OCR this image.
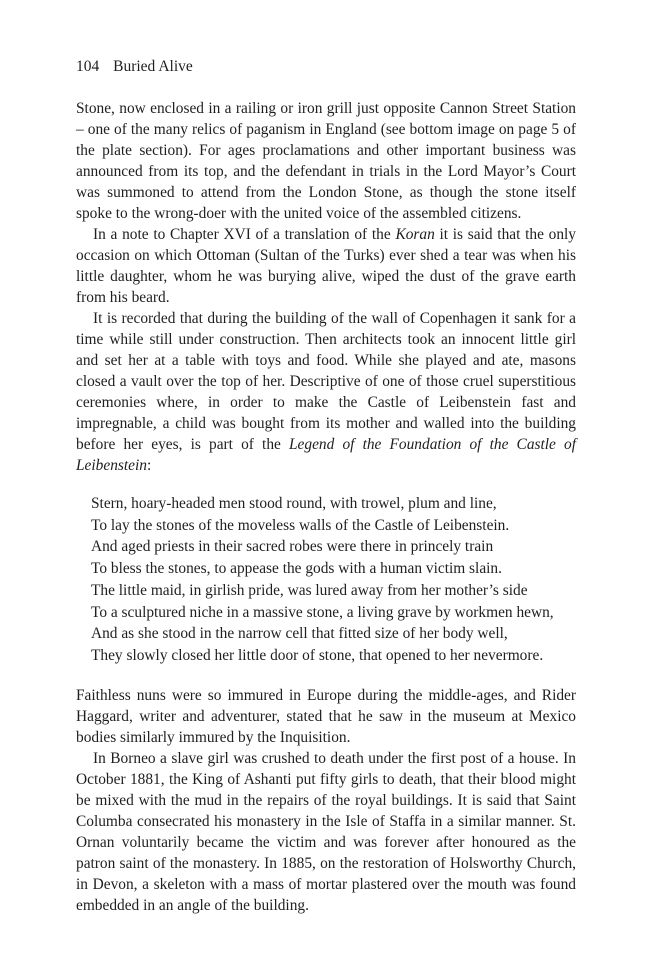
104 Buried Alive

Stone, now enclosed in a railing or iron grill just opposite Cannon Street Station – one of the many relics of paganism in England (see bottom image on page 5 of the plate section). For ages proclamations and other important business was announced from its top, and the defendant in trials in the Lord Mayor’s Court was summoned to attend from the London Stone, as though the stone itself spoke to the wrong-doer with the united voice of the assembled citizens.

In a note to Chapter XVI of a translation of the Koran it is said that the only occasion on which Ottoman (Sultan of the Turks) ever shed a tear was when his little daughter, whom he was burying alive, wiped the dust of the grave earth from his beard.

It is recorded that during the building of the wall of Copenhagen it sank for a time while still under construction. Then architects took an innocent little girl and set her at a table with toys and food. While she played and ate, masons closed a vault over the top of her. Descriptive of one of those cruel superstitious ceremonies where, in order to make the Castle of Leibenstein fast and impregnable, a child was bought from its mother and walled into the building before her eyes, is part of the Legend of the Foundation of the Castle of Leibenstein:

Stern, hoary-headed men stood round, with trowel, plum and line,
To lay the stones of the moveless walls of the Castle of Leibenstein.
And aged priests in their sacred robes were there in princely train
To bless the stones, to appease the gods with a human victim slain.
The little maid, in girlish pride, was lured away from her mother’s side
To a sculptured niche in a massive stone, a living grave by workmen hewn,
And as she stood in the narrow cell that fitted size of her body well,
They slowly closed her little door of stone, that opened to her nevermore.

Faithless nuns were so immured in Europe during the middle-ages, and Rider Haggard, writer and adventurer, stated that he saw in the museum at Mexico bodies similarly immured by the Inquisition.

In Borneo a slave girl was crushed to death under the first post of a house. In October 1881, the King of Ashanti put fifty girls to death, that their blood might be mixed with the mud in the repairs of the royal buildings. It is said that Saint Columba consecrated his monastery in the Isle of Staffa in a similar manner. St. Ornan voluntarily became the victim and was forever after honoured as the patron saint of the monastery. In 1885, on the restoration of Holsworthy Church, in Devon, a skeleton with a mass of mortar plastered over the mouth was found embedded in an angle of the building.
